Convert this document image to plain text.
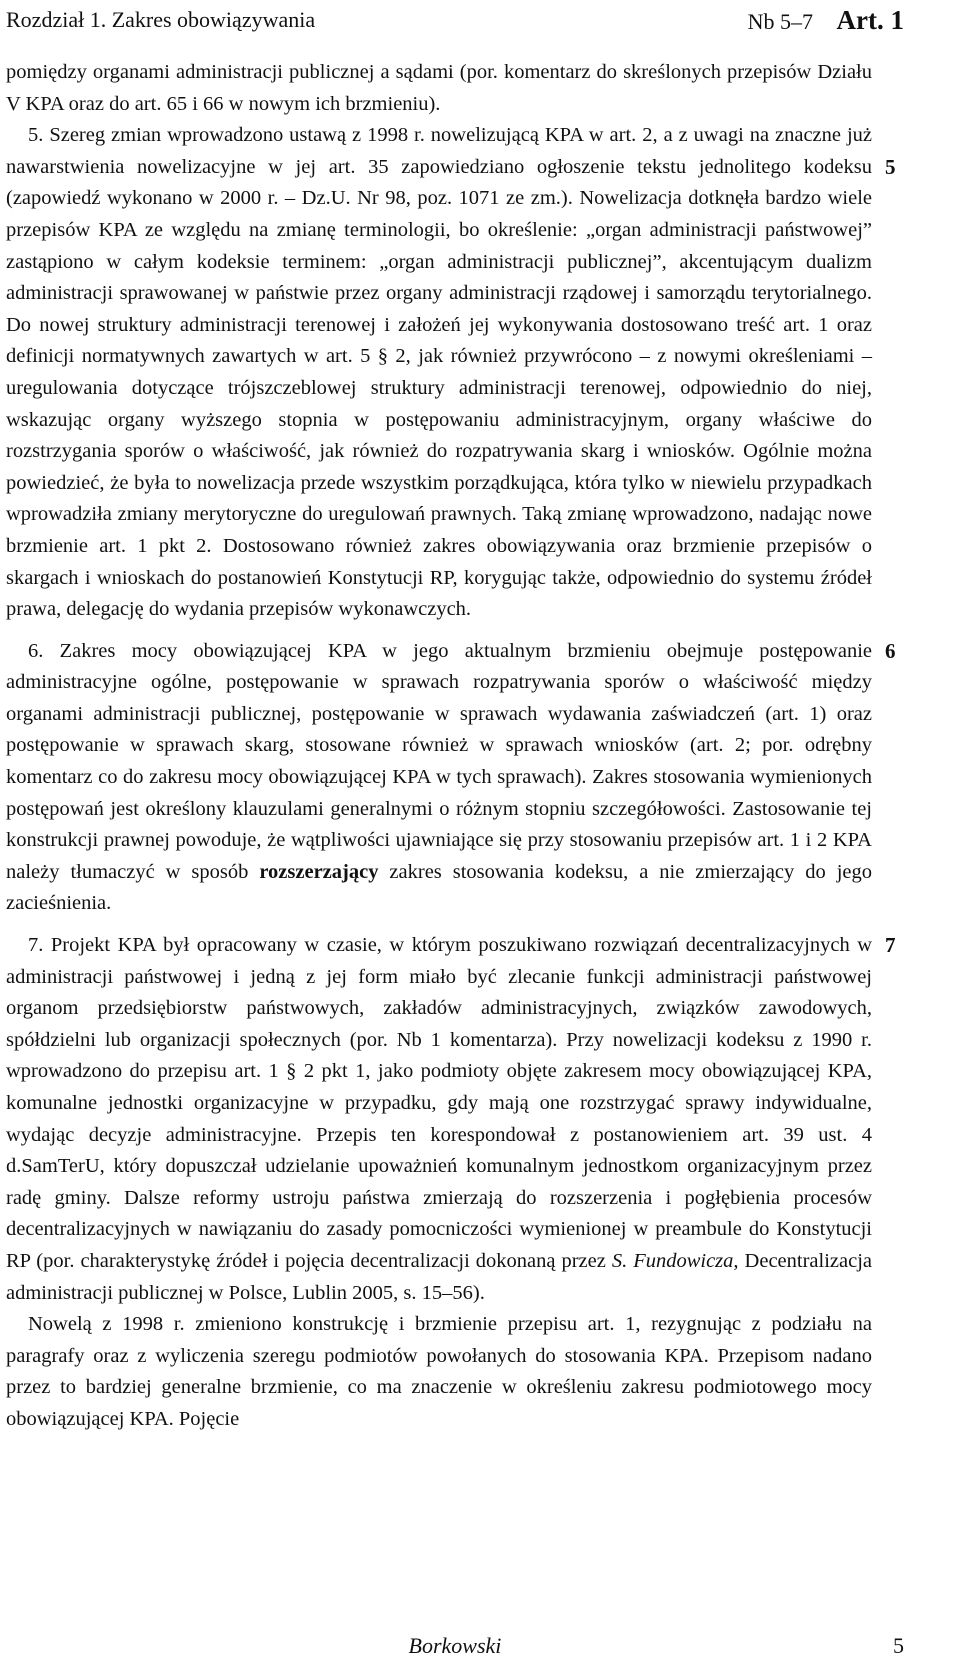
Rozdział 1. Zakres obowiązywania	Nb 5–7 Art. 1

pomiędzy organami administracji publicznej a sądami (por. komentarz do skreślonych przepisów Działu V KPA oraz do art. 65 i 66 w nowym ich brzmieniu).

5
5. Szereg zmian wprowadzono ustawą z 1998 r. nowelizującą KPA w art. 2, a z uwagi na znaczne już nawarstwienia nowelizacyjne w jej art. 35 zapowiedziano ogłoszenie tekstu jednolitego kodeksu (zapowiedź wykonano w 2000 r. – Dz.U. Nr 98, poz. 1071 ze zm.). Nowelizacja dotknęła bardzo wiele przepisów KPA ze względu na zmianę terminologii, bo określenie: „organ administracji państwowej” zastąpiono w całym kodeksie terminem: „organ administracji publicznej”, akcentującym dualizm administracji sprawowanej w państwie przez organy administracji rządowej i samorządu terytorialnego. Do nowej struktury administracji terenowej i założeń jej wykonywania dostosowano treść art. 1 oraz definicji normatywnych zawartych w art. 5 § 2, jak również przywrócono – z nowymi określeniami – uregulowania dotyczące trójszczeblowej struktury administracji terenowej, odpowiednio do niej, wskazując organy wyższego stopnia w postępowaniu administracyjnym, organy właściwe do rozstrzygania sporów o właściwość, jak również do rozpatrywania skarg i wniosków. Ogólnie można powiedzieć, że była to nowelizacja przede wszystkim porządkująca, która tylko w niewielu przypadkach wprowadziła zmiany merytoryczne do uregulowań prawnych. Taką zmianę wprowadzono, nadając nowe brzmienie art. 1 pkt 2. Dostosowano również zakres obowiązywania oraz brzmienie przepisów o skargach i wnioskach do postanowień Konstytucji RP, korygując także, odpowiednio do systemu źródeł prawa, delegację do wydania przepisów wykonawczych.

6
6. Zakres mocy obowiązującej KPA w jego aktualnym brzmieniu obejmuje postępowanie administracyjne ogólne, postępowanie w sprawach rozpatrywania sporów o właściwość między organami administracji publicznej, postępowanie w sprawach wydawania zaświadczeń (art. 1) oraz postępowanie w sprawach skarg, stosowane również w sprawach wniosków (art. 2; por. odrębny komentarz co do zakresu mocy obowiązującej KPA w tych sprawach). Zakres stosowania wymienionych postępowań jest określony klauzulami generalnymi o różnym stopniu szczegółowości. Zastosowanie tej konstrukcji prawnej powoduje, że wątpliwości ujawniające się przy stosowaniu przepisów art. 1 i 2 KPA należy tłumaczyć w sposób rozszerzający zakres stosowania kodeksu, a nie zmierzający do jego zacieśnienia.

7
7. Projekt KPA był opracowany w czasie, w którym poszukiwano rozwiązań decentralizacyjnych w administracji państwowej i jedną z jej form miało być zlecanie funkcji administracji państwowej organom przedsiębiorstw państwowych, zakładów administracyjnych, związków zawodowych, spółdzielni lub organizacji społecznych (por. Nb 1 komentarza). Przy nowelizacji kodeksu z 1990 r. wprowadzono do przepisu art. 1 § 2 pkt 1, jako podmioty objęte zakresem mocy obowiązującej KPA, komunalne jednostki organizacyjne w przypadku, gdy mają one rozstrzygać sprawy indywidualne, wydając decyzje administracyjne. Przepis ten korespondował z postanowieniem art. 39 ust. 4 d.SamTerU, który dopuszczał udzielanie upoważnień komunalnym jednostkom organizacyjnym przez radę gminy. Dalsze reformy ustroju państwa zmierzają do rozszerzenia i pogłębienia procesów decentralizacyjnych w nawiązaniu do zasady pomocniczości wymienionej w preambule do Konstytucji RP (por. charakterystykę źródeł i pojęcia decentralizacji dokonaną przez S. Fundowicza, Decentralizacja administracji publicznej w Polsce, Lublin 2005, s. 15–56).

Nowelą z 1998 r. zmieniono konstrukcję i brzmienie przepisu art. 1, rezygnując z podziału na paragrafy oraz z wyliczenia szeregu podmiotów powołanych do stosowania KPA. Przepisom nadano przez to bardziej generalne brzmienie, co ma znaczenie w określeniu zakresu podmiotowego mocy obowiązującej KPA. Pojęcie

Borkowski	5
